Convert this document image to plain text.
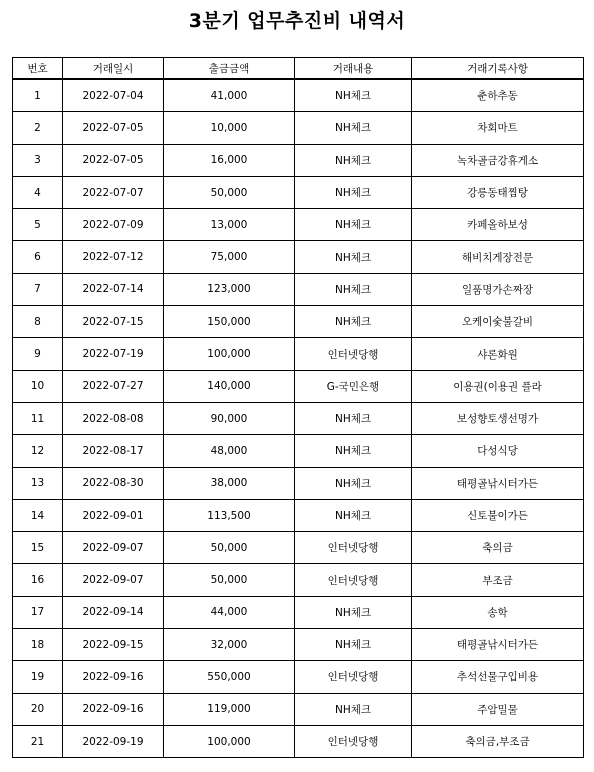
3분기 업무추진비 내역서
번호	거래일시	출금금액	거래내용	거래기록사항
1	2022-07-04	41,000	NH체크	춘하추동
2	2022-07-05	10,000	NH체크	차회마트
3	2022-07-05	16,000	NH체크	녹차골금강휴게소
4	2022-07-07	50,000	NH체크	강릉동태찜탕
5	2022-07-09	13,000	NH체크	카페올하보성
6	2022-07-12	75,000	NH체크	해비치게장전문
7	2022-07-14	123,000	NH체크	일품명가손짜장
8	2022-07-15	150,000	NH체크	오케이숯불갈비
9	2022-07-19	100,000	인터넷당행	샤론화원
10	2022-07-27	140,000	G-국민은행	이용권(이용권 플라
11	2022-08-08	90,000	NH체크	보성향토생선명가
12	2022-08-17	48,000	NH체크	다성식당
13	2022-08-30	38,000	NH체크	태평골낚시터가든
14	2022-09-01	113,500	NH체크	신토불이가든
15	2022-09-07	50,000	인터넷당행	축의금
16	2022-09-07	50,000	인터넷당행	부조금
17	2022-09-14	44,000	NH체크	송학
18	2022-09-15	32,000	NH체크	태평골낚시터가든
19	2022-09-16	550,000	인터넷당행	추석선물구입비용
20	2022-09-16	119,000	NH체크	주암밀물
21	2022-09-19	100,000	인터넷당행	축의금,부조금
